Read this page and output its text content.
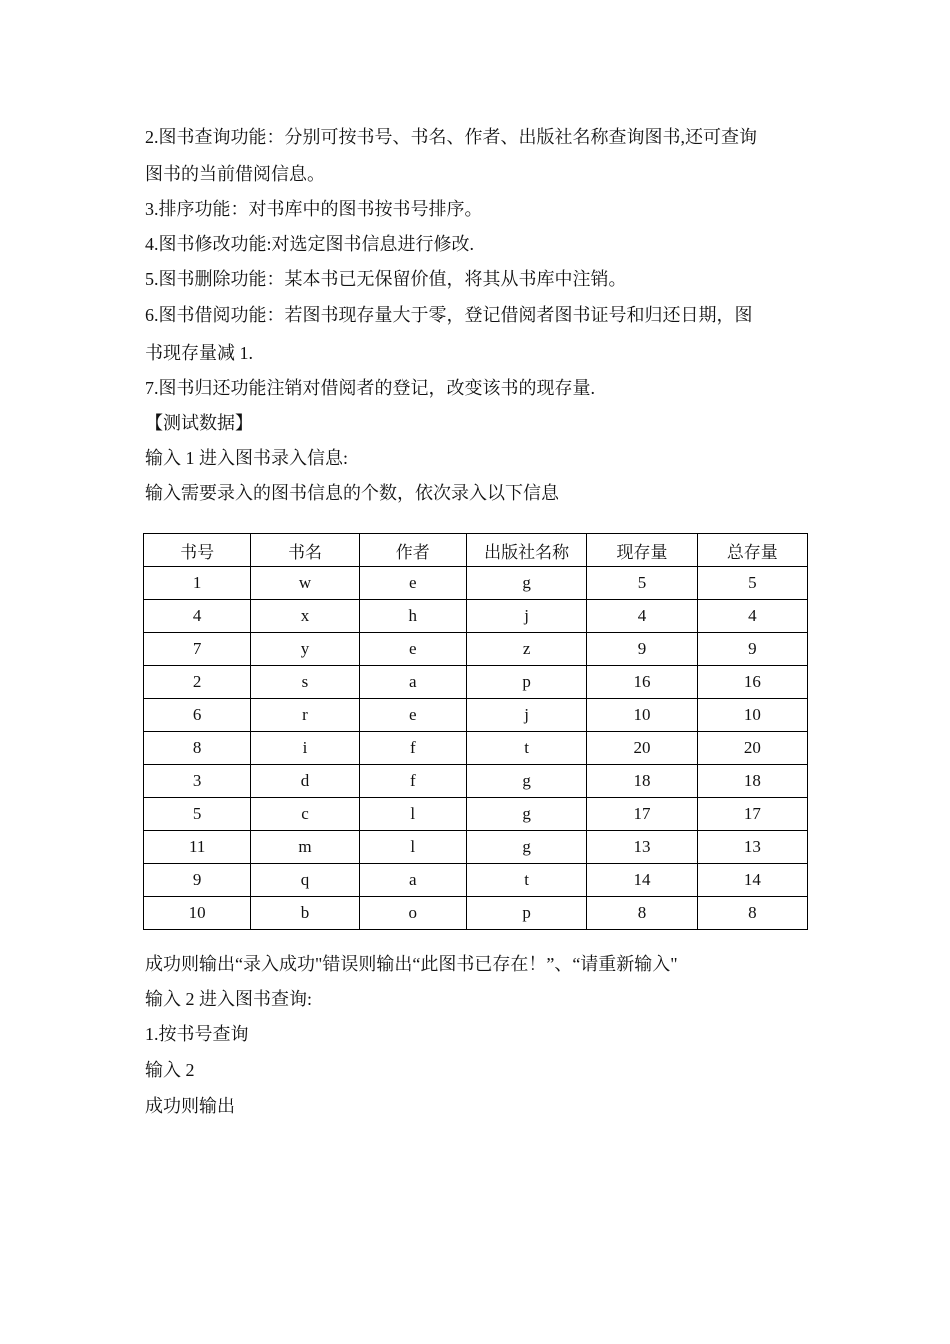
2.图书查询功能：分别可按书号、书名、作者、出版社名称查询图书,还可查询
图书的当前借阅信息。
3.排序功能：对书库中的图书按书号排序。
4.图书修改功能:对选定图书信息进行修改.
5.图书删除功能：某本书已无保留价值，将其从书库中注销。
6.图书借阅功能：若图书现存量大于零，登记借阅者图书证号和归还日期，图
书现存量减 1.
7.图书归还功能注销对借阅者的登记，改变该书的现存量.
【测试数据】
输入 1 进入图书录入信息:
输入需要录入的图书信息的个数，依次录入以下信息
书号	书名	作者	出版社名称	现存量	总存量
1	w	e	g	5	5
4	x	h	j	4	4
7	y	e	z	9	9
2	s	a	p	16	16
6	r	e	j	10	10
8	i	f	t	20	20
3	d	f	g	18	18
5	c	l	g	17	17
11	m	l	g	13	13
9	q	a	t	14	14
10	b	o	p	8	8
成功则输出“录入成功"错误则输出“此图书已存在！”、“请重新输入"
输入 2 进入图书查询:
1.按书号查询
输入 2
成功则输出
